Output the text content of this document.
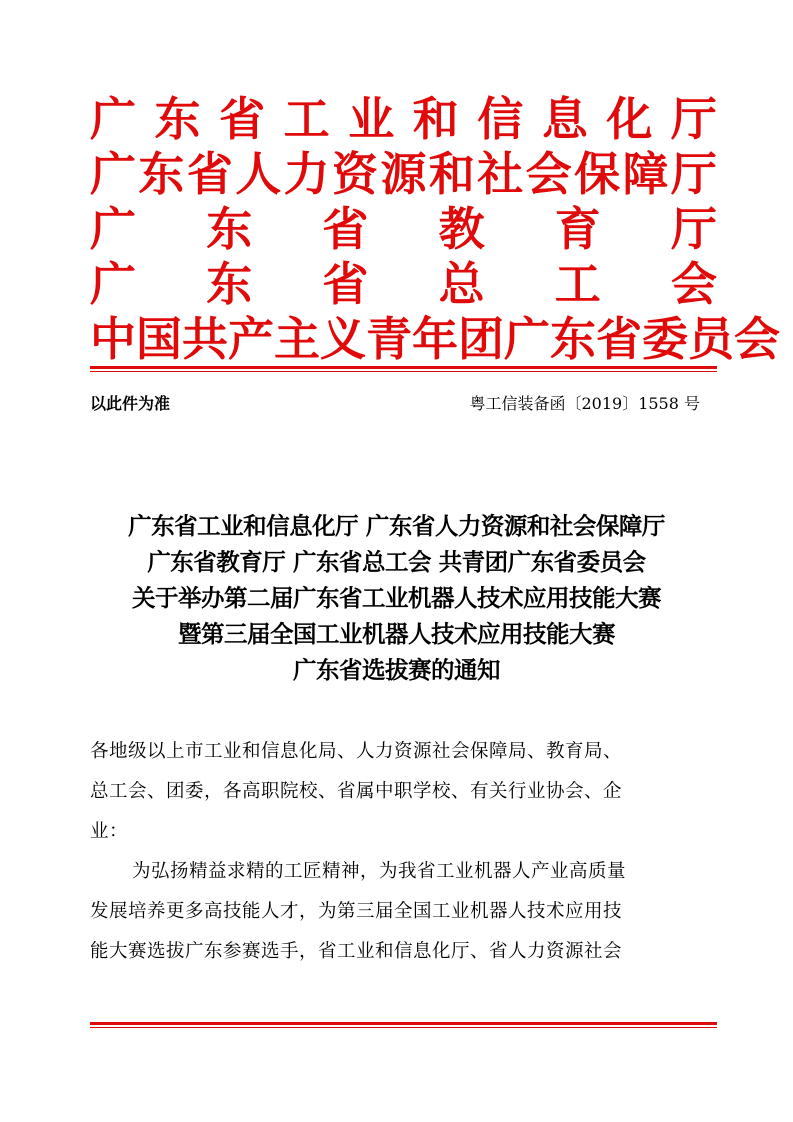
广 东 省 工 业 和 信 息 化 厅
广 东 省 人 力 资 源 和 社 会 保 障 厅
广 东 省 教 育 厅
广 东 省 总 工 会
中 国 共 产 主 义 青 年 团 广 东 省 委 员 会
以此件为准	粤工信装备函〔2019〕1558 号
广东省工业和信息化厅 广东省人力资源和社会保障厅
广东省教育厅 广东省总工会 共青团广东省委员会
关于举办第二届广东省工业机器人技术应用技能大赛
暨第三届全国工业机器人技术应用技能大赛
广东省选拔赛的通知
各地级以上市工业和信息化局、人力资源社会保障局、教育局、
总工会、团委，各高职院校、省属中职学校、有关行业协会、企
业：
为弘扬精益求精的工匠精神，为我省工业机器人产业高质量
发展培养更多高技能人才，为第三届全国工业机器人技术应用技
能大赛选拔广东参赛选手，省工业和信息化厅、省人力资源社会
